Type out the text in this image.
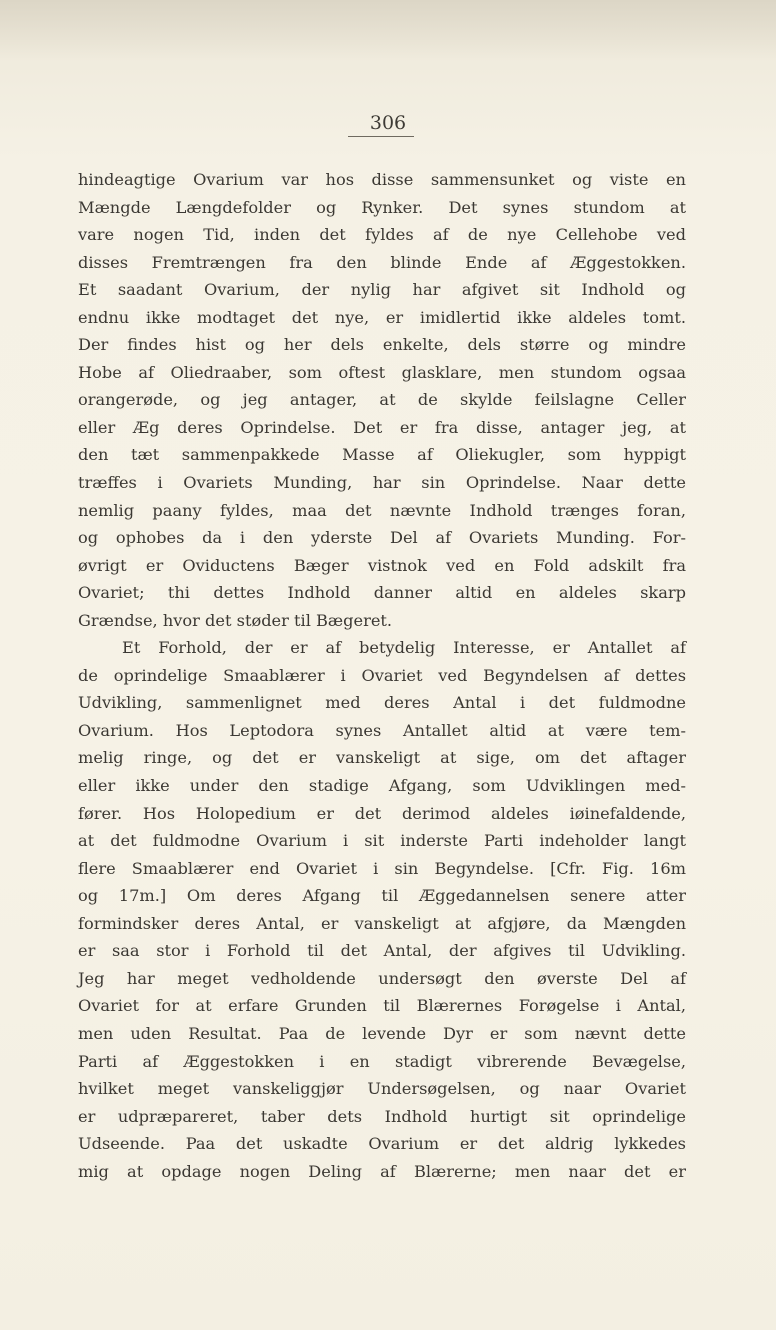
306
hindeagtige Ovarium var hos disse sammensunket og viste en
Mængde Længdefolder og Rynker. Det synes stundom at
vare nogen Tid, inden det fyldes af de nye Cellehobe ved
disses Fremtrængen fra den blinde Ende af Æggestokken.
Et saadant Ovarium, der nylig har afgivet sit Indhold og
endnu ikke modtaget det nye, er imidlertid ikke aldeles tomt.
Der findes hist og her dels enkelte, dels større og mindre
Hobe af Oliedraaber, som oftest glasklare, men stundom ogsaa
orangerøde, og jeg antager, at de skylde feilslagne Celler
eller Æg deres Oprindelse. Det er fra disse, antager jeg, at
den tæt sammenpakkede Masse af Oliekugler, som hyppigt
træffes i Ovariets Munding, har sin Oprindelse. Naar dette
nemlig paany fyldes, maa det nævnte Indhold trænges foran,
og ophobes da i den yderste Del af Ovariets Munding. For-
øvrigt er Oviductens Bæger vistnok ved en Fold adskilt fra
Ovariet; thi dettes Indhold danner altid en aldeles skarp
Grændse, hvor det støder til Bægeret.
Et Forhold, der er af betydelig Interesse, er Antallet af
de oprindelige Smaablærer i Ovariet ved Begyndelsen af dettes
Udvikling, sammenlignet med deres Antal i det fuldmodne
Ovarium. Hos Leptodora synes Antallet altid at være tem-
melig ringe, og det er vanskeligt at sige, om det aftager
eller ikke under den stadige Afgang, som Udviklingen med-
fører. Hos Holopedium er det derimod aldeles iøinefaldende,
at det fuldmodne Ovarium i sit inderste Parti indeholder langt
flere Smaablærer end Ovariet i sin Begyndelse. [Cfr. Fig. 16m
og 17m.] Om deres Afgang til Æggedannelsen senere atter
formindsker deres Antal, er vanskeligt at afgjøre, da Mængden
er saa stor i Forhold til det Antal, der afgives til Udvikling.
Jeg har meget vedholdende undersøgt den øverste Del af
Ovariet for at erfare Grunden til Blærernes Forøgelse i Antal,
men uden Resultat. Paa de levende Dyr er som nævnt dette
Parti af Æggestokken i en stadigt vibrerende Bevægelse,
hvilket meget vanskeliggjør Undersøgelsen, og naar Ovariet
er udpræpareret, taber dets Indhold hurtigt sit oprindelige
Udseende. Paa det uskadte Ovarium er det aldrig lykkedes
mig at opdage nogen Deling af Blærerne; men naar det er
